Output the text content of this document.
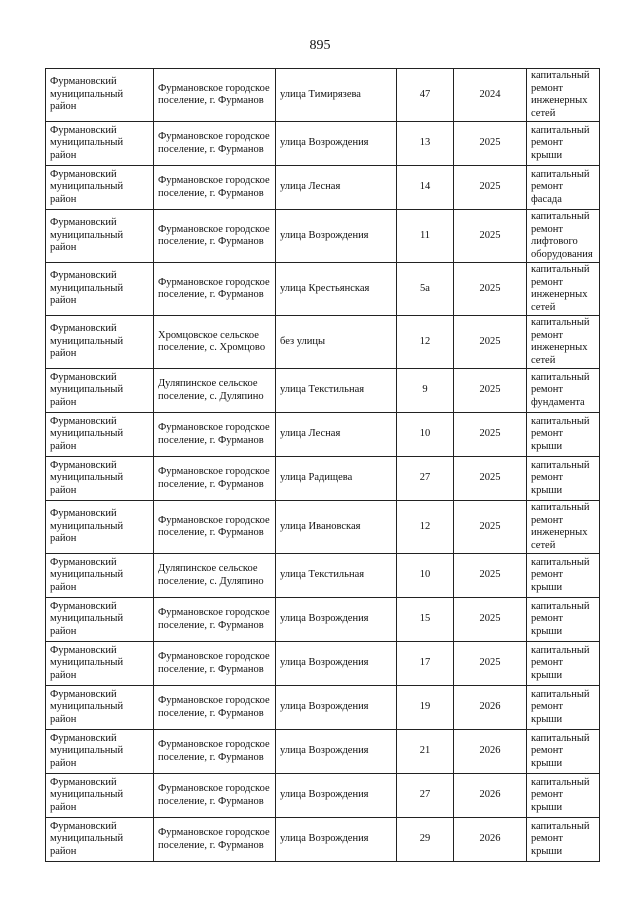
895
Фурмановский муниципальный район	Фурмановское городское поселение, г. Фурманов	улица Тимирязева	47	2024	капитальный ремонт инженерных сетей
Фурмановский муниципальный район	Фурмановское городское поселение, г. Фурманов	улица Возрождения	13	2025	капитальный ремонт крыши
Фурмановский муниципальный район	Фурмановское городское поселение, г. Фурманов	улица Лесная	14	2025	капитальный ремонт фасада
Фурмановский муниципальный район	Фурмановское городское поселение, г. Фурманов	улица Возрождения	11	2025	капитальный ремонт лифтового оборудования
Фурмановский муниципальный район	Фурмановское городское поселение, г. Фурманов	улица Крестьянская	5а	2025	капитальный ремонт инженерных сетей
Фурмановский муниципальный район	Хромцовское сельское поселение, с. Хромцово	без улицы	12	2025	капитальный ремонт инженерных сетей
Фурмановский муниципальный район	Дуляпинское сельское поселение, с. Дуляпино	улица Текстильная	9	2025	капитальный ремонт фундамента
Фурмановский муниципальный район	Фурмановское городское поселение, г. Фурманов	улица Лесная	10	2025	капитальный ремонт крыши
Фурмановский муниципальный район	Фурмановское городское поселение, г. Фурманов	улица Радищева	27	2025	капитальный ремонт крыши
Фурмановский муниципальный район	Фурмановское городское поселение, г. Фурманов	улица Ивановская	12	2025	капитальный ремонт инженерных сетей
Фурмановский муниципальный район	Дуляпинское сельское поселение, с. Дуляпино	улица Текстильная	10	2025	капитальный ремонт крыши
Фурмановский муниципальный район	Фурмановское городское поселение, г. Фурманов	улица Возрождения	15	2025	капитальный ремонт крыши
Фурмановский муниципальный район	Фурмановское городское поселение, г. Фурманов	улица Возрождения	17	2025	капитальный ремонт крыши
Фурмановский муниципальный район	Фурмановское городское поселение, г. Фурманов	улица Возрождения	19	2026	капитальный ремонт крыши
Фурмановский муниципальный район	Фурмановское городское поселение, г. Фурманов	улица Возрождения	21	2026	капитальный ремонт крыши
Фурмановский муниципальный район	Фурмановское городское поселение, г. Фурманов	улица Возрождения	27	2026	капитальный ремонт крыши
Фурмановский муниципальный район	Фурмановское городское поселение, г. Фурманов	улица Возрождения	29	2026	капитальный ремонт крыши
